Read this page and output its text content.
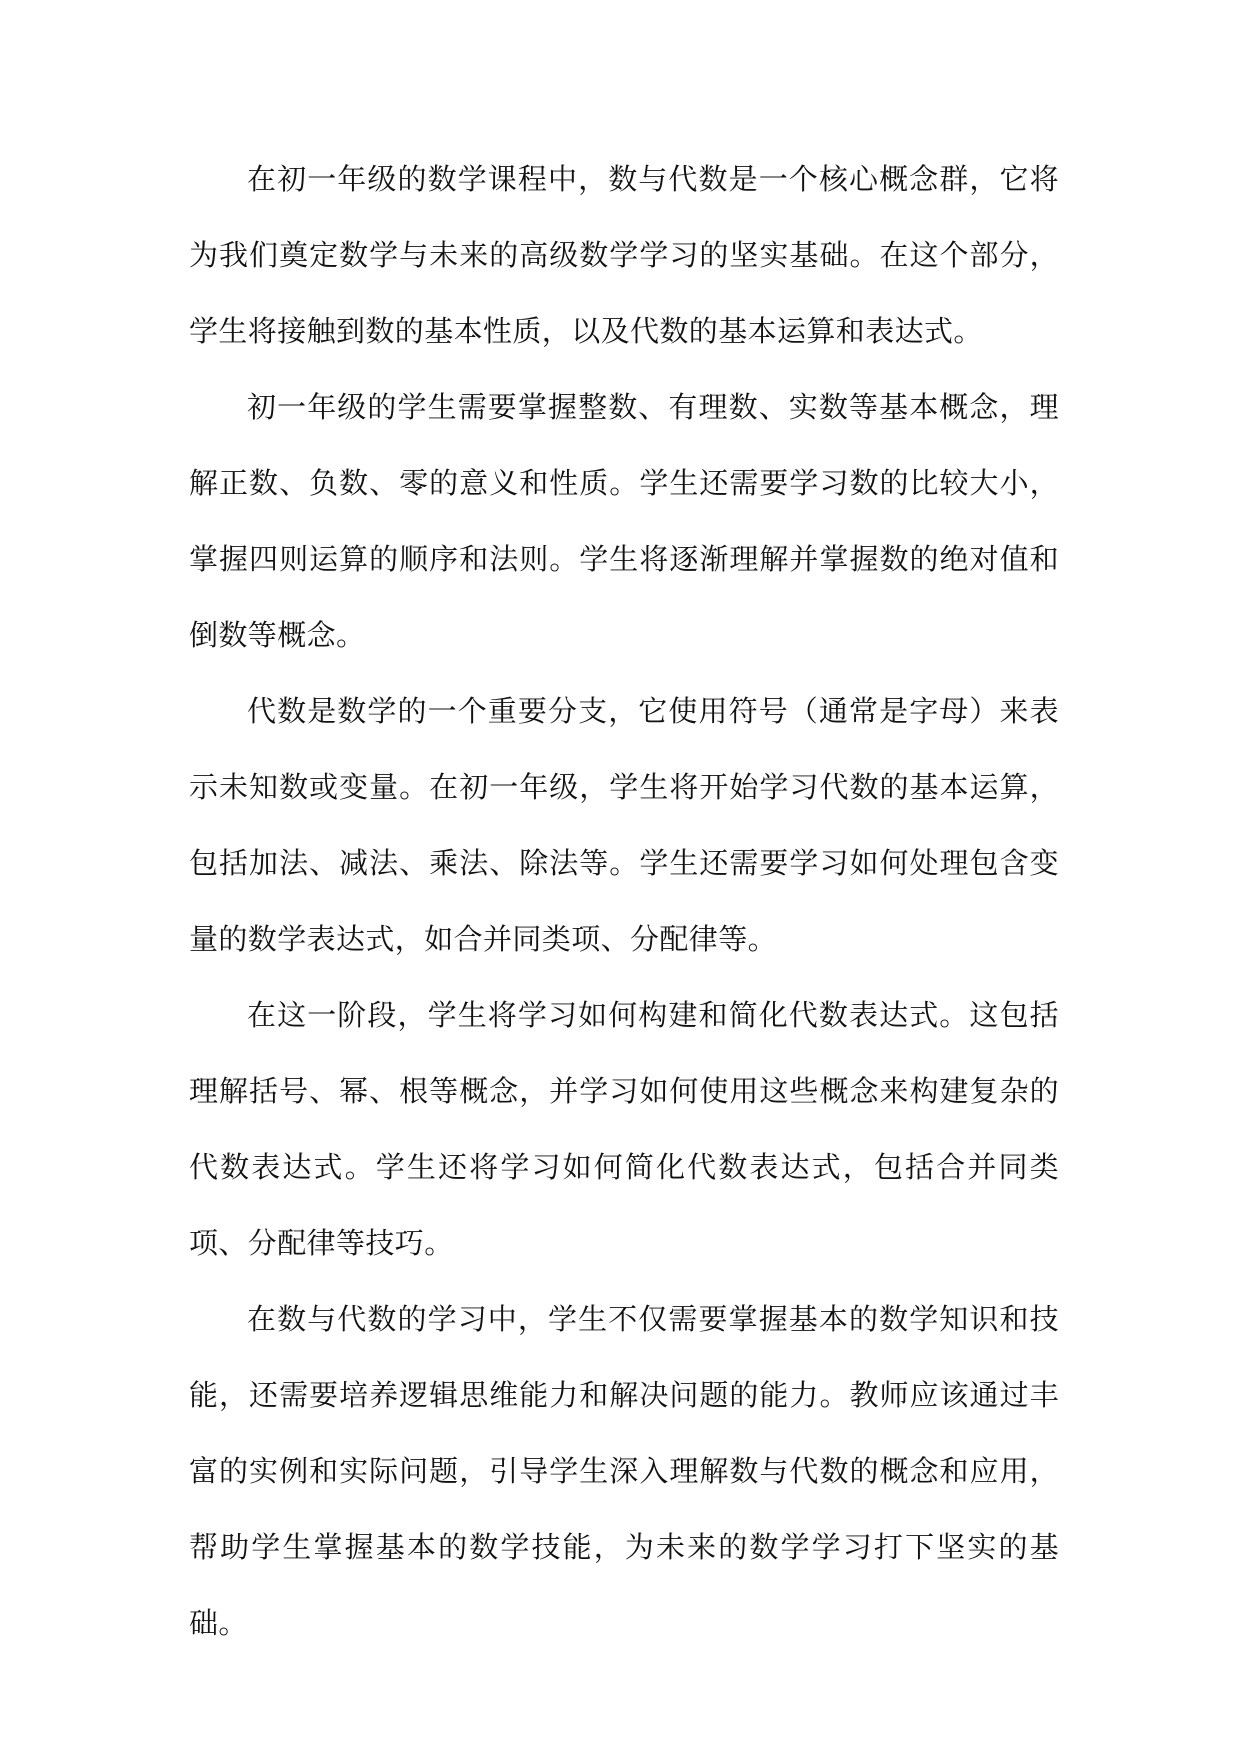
在初一年级的数学课程中，数与代数是一个核心概念群，它将为我们奠定数学与未来的高级数学学习的坚实基础。在这个部分，学生将接触到数的基本性质，以及代数的基本运算和表达式。

初一年级的学生需要掌握整数、有理数、实数等基本概念，理解正数、负数、零的意义和性质。学生还需要学习数的比较大小，掌握四则运算的顺序和法则。学生将逐渐理解并掌握数的绝对值和倒数等概念。

代数是数学的一个重要分支，它使用符号（通常是字母）来表示未知数或变量。在初一年级，学生将开始学习代数的基本运算，包括加法、减法、乘法、除法等。学生还需要学习如何处理包含变量的数学表达式，如合并同类项、分配律等。

在这一阶段，学生将学习如何构建和简化代数表达式。这包括理解括号、幂、根等概念，并学习如何使用这些概念来构建复杂的代数表达式。学生还将学习如何简化代数表达式，包括合并同类项、分配律等技巧。

在数与代数的学习中，学生不仅需要掌握基本的数学知识和技能，还需要培养逻辑思维能力和解决问题的能力。教师应该通过丰富的实例和实际问题，引导学生深入理解数与代数的概念和应用，帮助学生掌握基本的数学技能，为未来的数学学习打下坚实的基础。
